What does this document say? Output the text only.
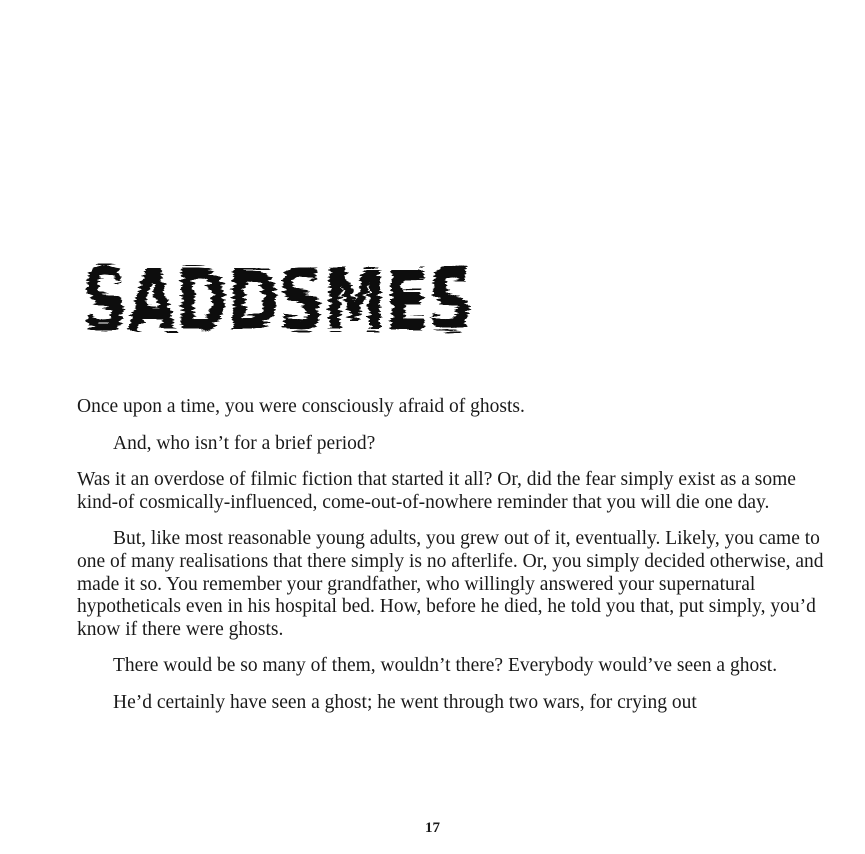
SADDSMES

Once upon a time, you were consciously afraid of ghosts.

And, who isn’t for a brief period?

Was it an overdose of filmic fiction that started it all? Or, did the fear simply exist as a some kind-of cosmically-influenced, come-out-of-nowhere reminder that you will die one day.

But, like most reasonable young adults, you grew out of it, eventually. Likely, you came to one of many realisations that there simply is no afterlife. Or, you simply decided otherwise, and made it so. You remember your grandfather, who willingly answered your supernatural hypotheticals even in his hospital bed. How, before he died, he told you that, put simply, you’d know if there were ghosts.

There would be so many of them, wouldn’t there? Everybody would’ve seen a ghost.

He’d certainly have seen a ghost; he went through two wars, for crying out

17
